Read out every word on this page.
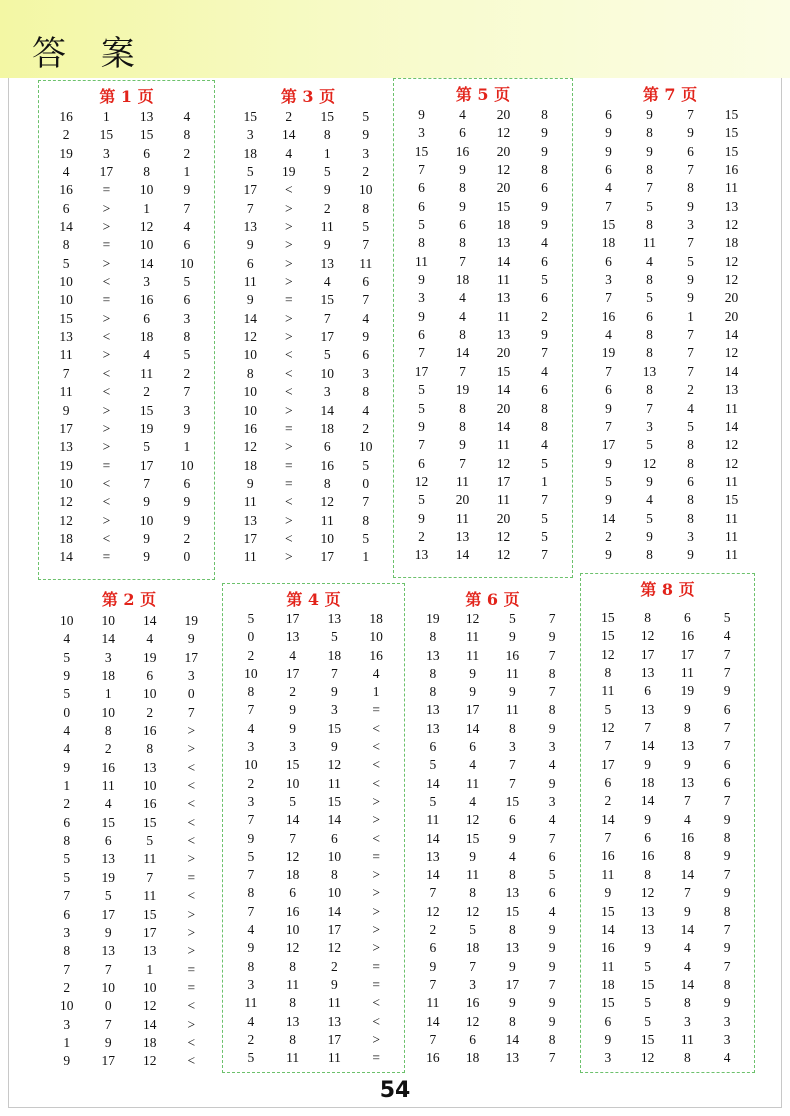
答 案
第 1 页
16	1	13	4
2	15	15	8
19	3	6	2
4	17	8	1
16	=	10	9
6	>	1	7
14	>	12	4
8	=	10	6
5	>	14	10
10	<	3	5
10	=	16	6
15	>	6	3
13	<	18	8
11	>	4	5
7	<	11	2
11	<	2	7
9	>	15	3
17	>	19	9
13	>	5	1
19	=	17	10
10	<	7	6
12	<	9	9
12	>	10	9
18	<	9	2
14	=	9	0
第 3 页
15	2	15	5
3	14	8	9
18	4	1	3
5	19	5	2
17	<	9	10
7	>	2	8
13	>	11	5
9	>	9	7
6	>	13	11
11	>	4	6
9	=	15	7
14	>	7	4
12	>	17	9
10	<	5	6
8	<	10	3
10	<	3	8
10	>	14	4
16	=	18	2
12	>	6	10
18	=	16	5
9	=	8	0
11	<	12	7
13	>	11	8
17	<	10	5
11	>	17	1
第 5 页
9	4	20	8
3	6	12	9
15	16	20	9
7	9	12	8
6	8	20	6
6	9	15	9
5	6	18	9
8	8	13	4
11	7	14	6
9	18	11	5
3	4	13	6
9	4	11	2
6	8	13	9
7	14	20	7
17	7	15	4
5	19	14	6
5	8	20	8
9	8	14	8
7	9	11	4
6	7	12	5
12	11	17	1
5	20	11	7
9	11	20	5
2	13	12	5
13	14	12	7
第 7 页
6	9	7	15
9	8	9	15
9	9	6	15
6	8	7	16
4	7	8	11
7	5	9	13
15	8	3	12
18	11	7	18
6	4	5	12
3	8	9	12
7	5	9	20
16	6	1	20
4	8	7	14
19	8	7	12
7	13	7	14
6	8	2	13
9	7	4	11
7	3	5	14
17	5	8	12
9	12	8	12
5	9	6	11
9	4	8	15
14	5	8	11
2	9	3	11
9	8	9	11
第 2 页
10	10	14	19
4	14	4	9
5	3	19	17
9	18	6	3
5	1	10	0
0	10	2	7
4	8	16	>
4	2	8	>
9	16	13	<
1	11	10	<
2	4	16	<
6	15	15	<
8	6	5	<
5	13	11	>
5	19	7	=
7	5	11	<
6	17	15	>
3	9	17	>
8	13	13	>
7	7	1	=
2	10	10	=
10	0	12	<
3	7	14	>
1	9	18	<
9	17	12	<
第 4 页
5	17	13	18
0	13	5	10
2	4	18	16
10	17	7	4
8	2	9	1
7	9	3	=
4	9	15	<
3	3	9	<
10	15	12	<
2	10	11	<
3	5	15	>
7	14	14	>
9	7	6	<
5	12	10	=
7	18	8	>
8	6	10	>
7	16	14	>
4	10	17	>
9	12	12	>
8	8	2	=
3	11	9	=
11	8	11	<
4	13	13	<
2	8	17	>
5	11	11	=
第 6 页
19	12	5	7
8	11	9	9
13	11	16	7
8	9	11	8
8	9	9	7
13	17	11	8
13	14	8	9
6	6	3	3
5	4	7	4
14	11	7	9
5	4	15	3
11	12	6	4
14	15	9	7
13	9	4	6
14	11	8	5
7	8	13	6
12	12	15	4
2	5	8	9
6	18	13	9
9	7	9	9
7	3	17	7
11	16	9	9
14	12	8	9
7	6	14	8
16	18	13	7
第 8 页
15	8	6	5
15	12	16	4
12	17	17	7
8	13	11	7
11	6	19	9
5	13	9	6
12	7	8	7
7	14	13	7
17	9	9	6
6	18	13	6
2	14	7	7
14	9	4	9
7	6	16	8
16	16	8	9
11	8	14	7
9	12	7	9
15	13	9	8
14	13	14	7
16	9	4	9
11	5	4	7
18	15	14	8
15	5	8	9
6	5	3	3
9	15	11	3
3	12	8	4
54
